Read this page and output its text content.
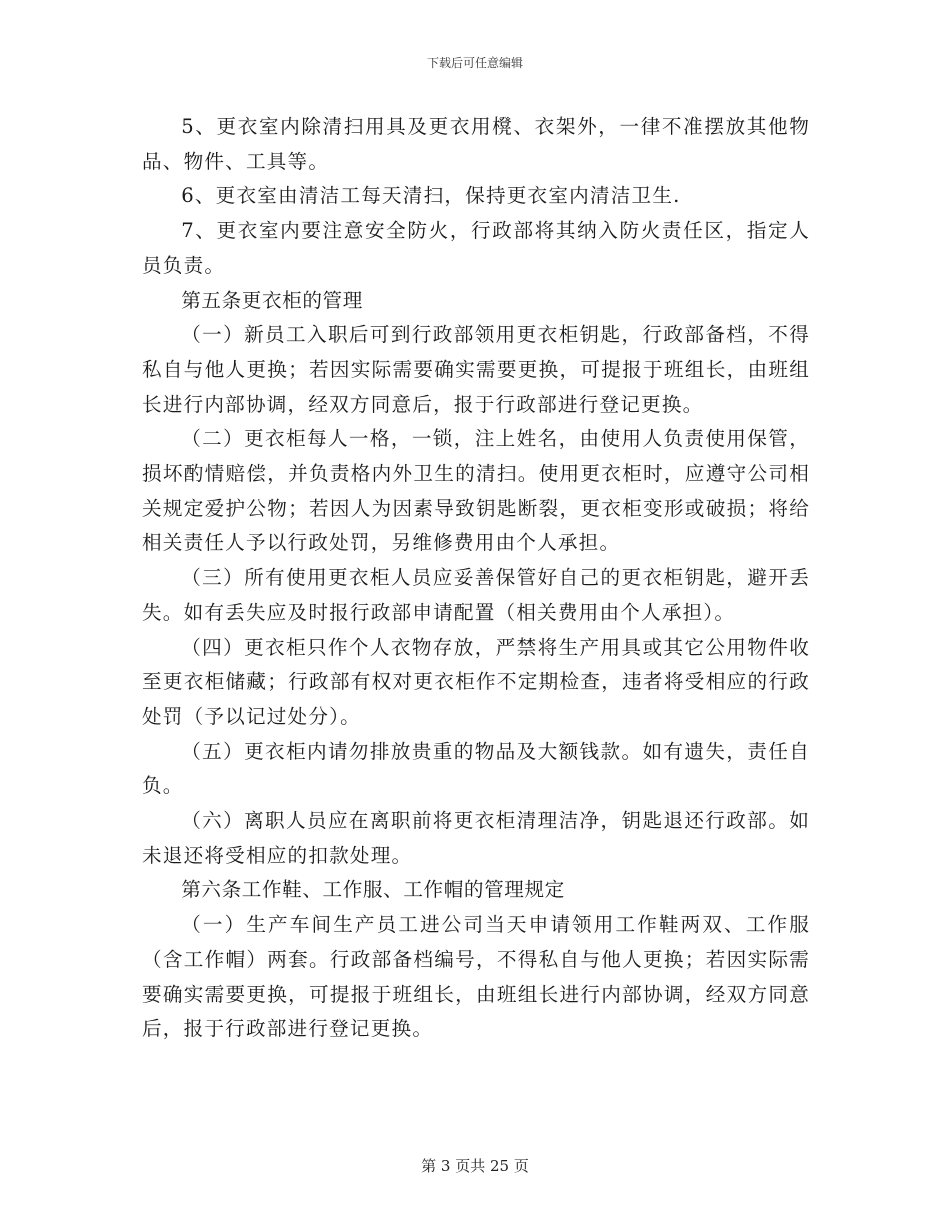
下载后可任意编辑

5、更衣室内除清扫用具及更衣用櫈、衣架外，一律不准摆放其他物品、物件、工具等。

6、更衣室由清洁工每天清扫，保持更衣室内清洁卫生.

7、更衣室内要注意安全防火，行政部将其纳入防火责任区，指定人员负责。

第五条更衣柜的管理

（一）新员工入职后可到行政部领用更衣柜钥匙，行政部备档，不得私自与他人更换；若因实际需要确实需要更换，可提报于班组长，由班组长进行内部协调，经双方同意后，报于行政部进行登记更换。

（二）更衣柜每人一格，一锁，注上姓名，由使用人负责使用保管，损坏酌情赔偿，并负责格内外卫生的清扫。使用更衣柜时，应遵守公司相关规定爱护公物；若因人为因素导致钥匙断裂，更衣柜变形或破损；将给相关责任人予以行政处罚，另维修费用由个人承担。

（三）所有使用更衣柜人员应妥善保管好自己的更衣柜钥匙，避开丢失。如有丢失应及时报行政部申请配置（相关费用由个人承担）。

（四）更衣柜只作个人衣物存放，严禁将生产用具或其它公用物件收至更衣柜储藏；行政部有权对更衣柜作不定期检查，违者将受相应的行政处罚（予以记过处分）。

（五）更衣柜内请勿排放贵重的物品及大额钱款。如有遗失，责任自负。

（六）离职人员应在离职前将更衣柜清理洁净，钥匙退还行政部。如未退还将受相应的扣款处理。

第六条工作鞋、工作服、工作帽的管理规定

（一）生产车间生产员工进公司当天申请领用工作鞋两双、工作服（含工作帽）两套。行政部备档编号，不得私自与他人更换；若因实际需要确实需要更换，可提报于班组长，由班组长进行内部协调，经双方同意后，报于行政部进行登记更换。

第 3 页共 25 页
